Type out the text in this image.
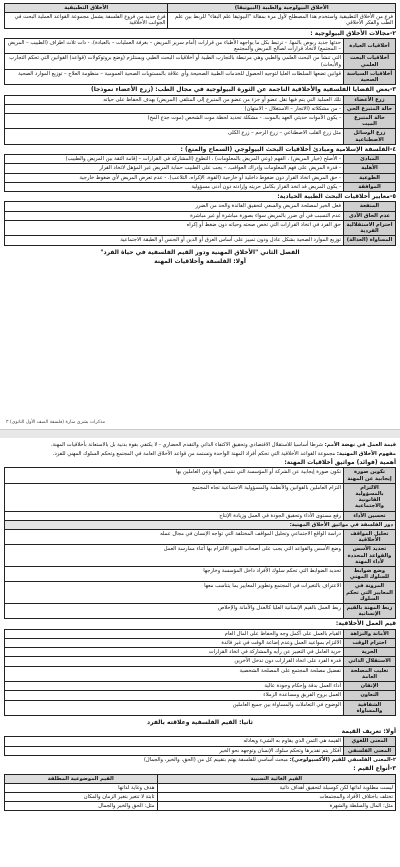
الأخلاق البيولوجية والطبية (البيوتيقا)	الأخلاق التطبيقية
فرع من الأخلاق التطبيقية واستخدم هذا المصطلح لأول مرة بمقالة "البيوتيقا علم البقاء" للربط بين علم الطب والفكر الأخلاقي	فرع جديد من فروع الفلسفة يشمل مجموعة القواعد العملية البحث في الجوانب الأخلاقية
٢-مجالات الأخلاق البيولوجية :
أخلاقيات العيادة	حدثها جديد ربوص بالمها. - ترتبط بكل ما يواجهه الأطباء من قرارات (أمام سرير المريض – بغرفة العمليات – بالعيادة). - ذات ثلاث اطراف (الطبيب – المريض – المجتمع) لاتخاذ قرارات لصالح المريض والمجتمع
أخلاقيات البحث العلمي	التي تنشأ من البحث العلمي والطبي وهي مرتبطة بالتجارب الطبية أو أخلاقيات البحث الطبي ويستلزم (وضع بروتوكولات (قواعد) القوانين التي تحكم التجارب والأبحاث)
أخلاقيات السياسة الصحية	قوانين تضعها السلطات العليا لتوجيه الحصول للخدمات الطبية الصحيحة وأي علاقة بالمستويات الصحية العمومية – منظومة العلاج – توزيع الموارد الصحية
٣-بعض القضايا الفلسفية والأخلاقية الناجمة عن الثورة البيولوجية في مجال الطب: (زرع الأعضاء نموذجا)
زرع الأعضاء	تلك العملية التي يتم فيها نقل عضو أو جزء من عضو من المتبرع إلى المتلقي (المريض) بهدف الحفاظ على حياته
حالة المتبرع الحي	- من مشكلاته (الاتجار – الاستغلال – الامتهان)
حالة المتبرع الميت	- يكون الأموات حديثي العهد بالموت. - مشكلة تحديد لحظة موت الشخص (موت جذع المخ)
زرع الوسائل الاصطناعية	مثل زرع القلب الاصطناعي – زرع الرحم – زرع الكلى
٤-الفلسفة الإسلامية ومبادئ أخلاقيات البحث البيولوجي (السماح والمنع) :
المبادئ	- الأصلح (خيار المريض) ، الفهم (وعي المريض بالمعلومات) ، التطوع (المشاركة في القرارات – إقامة الثقة بين المريض والطبيب)
الأهلية	- قدرة المريض على فهم المعلومات وإدراك العواقب. - يجب على الطبيب حماية المريض غير المؤهل لاتخاذ القرار
الطوعية	- حق المريض اتخاذ القرار دون ضغوط داخلية أو خارجية (القوة، الإكراه، التلاعب). - عدم تعرض المريض لأي ضغوط خارجية
الموافقة	- يكون المريض قد اتخذ القرار بكامل حريته وإرادته دون أدنى مسؤولية
٥-معايير أخلاقيات البحث الطبية الحيادية:
المنفعة	فعل الخير لمصلحة المريض والسعي لتحقيق الفائدة والحد من الضرر
عدم الحاق الأذى	عدم التسبب في أي ضرر بالمريض سواء بصورة مباشرة أو غير مباشرة
احترام الاستقلالية الفردية	حق الفرد في اتخاذ القرارات التي تخص صحته وحياته دون ضغط أو إكراه
المساواة (العدالة)	توزيع الموارد الصحية بشكل عادل ودون تمييز على أساس العرق أو الدين أو الجنس أو الطبقة الاجتماعية
الفصل الثاني "الأخلاق المهنية ودور القيم الفلسفية في حياة الفرد"
أولا: الفلسفة وأخلاقيات المهنة
مذكرات بشرى سارة (فلسفة الصف الأول الثانوي) ٣
قيمة العمل في نهضة الأمم: شرطا أساسيا للاستقلال الاقتصادي وتحقيق الاكتفاء الذاتي والتقدم الحضاري - لا يكتفي بقوة بدنية بل بالاستعانة بأخلاقيات المهنة.
مفهوم الأخلاق المهنية: مجموعة القواعد الأخلاقية التي تحكم أفراد المهنة الواحدة وتستمد من قواعد الأخلاق العامة في المجتمع وتحكم السلوك المهني للفرد.
أهمية (فوائد) مواثيق أخلاقيات المهنة:
تكوين صورة إيجابية عن المهنة	تكون صورة إيجابية عن الشركة أو المؤسسة التي تنتمي إليها وعن العاملين بها
الالتزام بالمسؤولية القانونية والاجتماعية	التزام العاملين بالقوانين والأنظمة والمسؤولية الاجتماعية تجاه المجتمع
تحسين الأداء	رفع مستوى الأداء وتحقيق الجودة في العمل وزيادة الإنتاج
دور الفلسفة في مواثيق الأخلاق المهنية:	
تحليل المواقف الأخلاقية	دراسة الواقع الاجتماعي وتحليل المواقف المختلفة التي تواجه الإنسان في مجال عمله
تحديد الأسس والقواعد المحددة لأداء المهنة	وضع الأسس والقواعد التي يجب على أصحاب المهن الالتزام بها أثناء ممارسة العمل
وضع ضوابط للسلوك المهني	تحديد الضوابط التي تحكم سلوك الأفراد داخل المؤسسة وخارجها
المرونة في المعايير التي تحكم السلوك	الاعتراف بالتغيرات في المجتمع وتطوير المعايير بما يتناسب معها
ربط المهنة بالقيم الإنسانية	ربط العمل بالقيم الإنسانية العليا كالعدل والأمانة والإخلاص
قيم العمل الأخلاقية:
الأمانة والنزاهة	القيام بالعمل على أكمل وجه والحفاظ على المال العام
احترام الوقت	الالتزام بمواعيد العمل وعدم إضاعة الوقت في غير فائدة
الحرية	حرية العامل في التعبير عن رأيه والمشاركة في اتخاذ القرارات
الاستقلال الذاتي	قدرة الفرد على اتخاذ القرارات دون تدخل الآخرين
تغليب المصلحة العامة	تفضيل مصلحة المجتمع على المصلحة الشخصية
الإتقان	أداء العمل بدقة وإحكام وجودة عالية
التعاون	العمل بروح الفريق ومساعدة الزملاء
الشفافية والمساواة	الوضوح في التعاملات والمساواة بين جميع العاملين
ثانيا: القيم الفلسفية وعلاقته بالفرد
أولا: تعريف القيمة
المعنى اللغوي	القيمة هي الثمن الذي يقاوم به الشيء ويعادله
المعنى الفلسفي	أفكار يتم تقديرها وتحكم سلوك الإنسان وتوجهه نحو الخير
٢-المعنى الفلسفي للقيم (الأكسيولوجي): مبحث أساسي للفلسفة يهتم بتقييم كل من (الحق، والخير، والجمال)
٣-أنواع القيم :
القيم الغائية النسبية	القيم الموضوعية المطلقة
ليست مطلوبة لذاتها لكن كوسيلة لتحقيق أهداف ذاتية	هدف وغاية لذاتها
تختلف باختلاف الأفراد والمجتمعات	ثابتة لا تتغير بتغير الزمان والمكان
مثل: المال والسلطة والشهرة	مثل: الحق والخير والجمال
